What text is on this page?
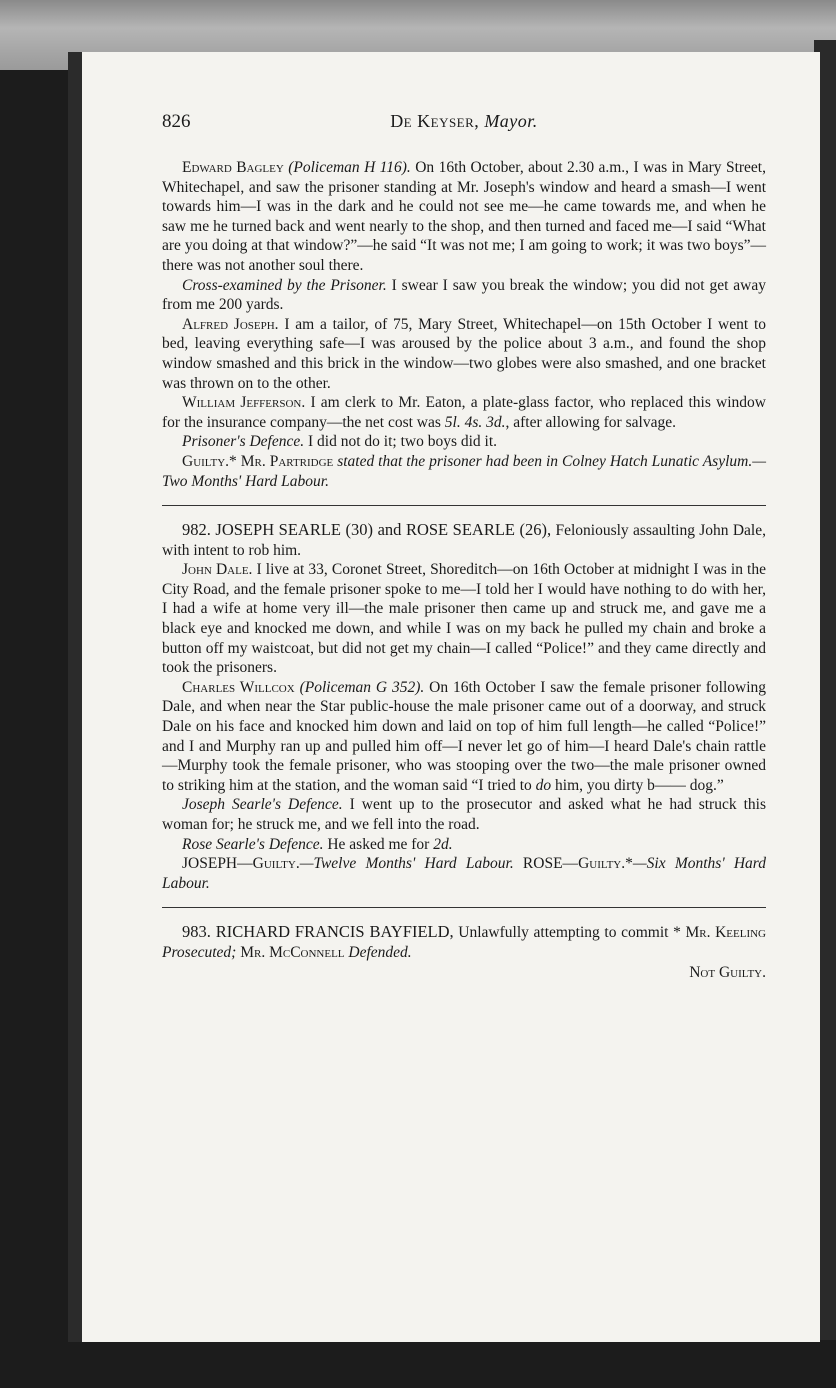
826	De Keyser, Mayor.

Edward Bagley (Policeman H 116). On 16th October, about 2.30 a.m., I was in Mary Street, Whitechapel, and saw the prisoner standing at Mr. Joseph's window and heard a smash—I went towards him—I was in the dark and he could not see me—he came towards me, and when he saw me he turned back and went nearly to the shop, and then turned and faced me—I said “What are you doing at that window?”—he said “It was not me; I am going to work; it was two boys”—there was not another soul there.

Cross-examined by the Prisoner. I swear I saw you break the window; you did not get away from me 200 yards.

Alfred Joseph. I am a tailor, of 75, Mary Street, Whitechapel—on 15th October I went to bed, leaving everything safe—I was aroused by the police about 3 a.m., and found the shop window smashed and this brick in the window—two globes were also smashed, and one bracket was thrown on to the other.

William Jefferson. I am clerk to Mr. Eaton, a plate-glass factor, who replaced this window for the insurance company—the net cost was 5l. 4s. 3d., after allowing for salvage.

Prisoner's Defence. I did not do it; two boys did it.

Guilty.* Mr. Partridge stated that the prisoner had been in Colney Hatch Lunatic Asylum.—Two Months' Hard Labour.

982. JOSEPH SEARLE (30) and ROSE SEARLE (26), Feloniously assaulting John Dale, with intent to rob him.

John Dale. I live at 33, Coronet Street, Shoreditch—on 16th October at midnight I was in the City Road, and the female prisoner spoke to me—I told her I would have nothing to do with her, I had a wife at home very ill—the male prisoner then came up and struck me, and gave me a black eye and knocked me down, and while I was on my back he pulled my chain and broke a button off my waistcoat, but did not get my chain—I called “Police!” and they came directly and took the prisoners.

Charles Willcox (Policeman G 352). On 16th October I saw the female prisoner following Dale, and when near the Star public-house the male prisoner came out of a doorway, and struck Dale on his face and knocked him down and laid on top of him full length—he called “Police!” and I and Murphy ran up and pulled him off—I never let go of him—I heard Dale's chain rattle—Murphy took the female prisoner, who was stooping over the two—the male prisoner owned to striking him at the station, and the woman said “I tried to do him, you dirty b—— dog.”

Joseph Searle's Defence. I went up to the prosecutor and asked what he had struck this woman for; he struck me, and we fell into the road.

Rose Searle's Defence. He asked me for 2d.

JOSEPH—Guilty.—Twelve Months' Hard Labour. ROSE—Guilty.*—Six Months' Hard Labour.

983. RICHARD FRANCIS BAYFIELD, Unlawfully attempting to commit * Mr. Keeling Prosecuted; Mr. McConnell Defended.

Not Guilty.
